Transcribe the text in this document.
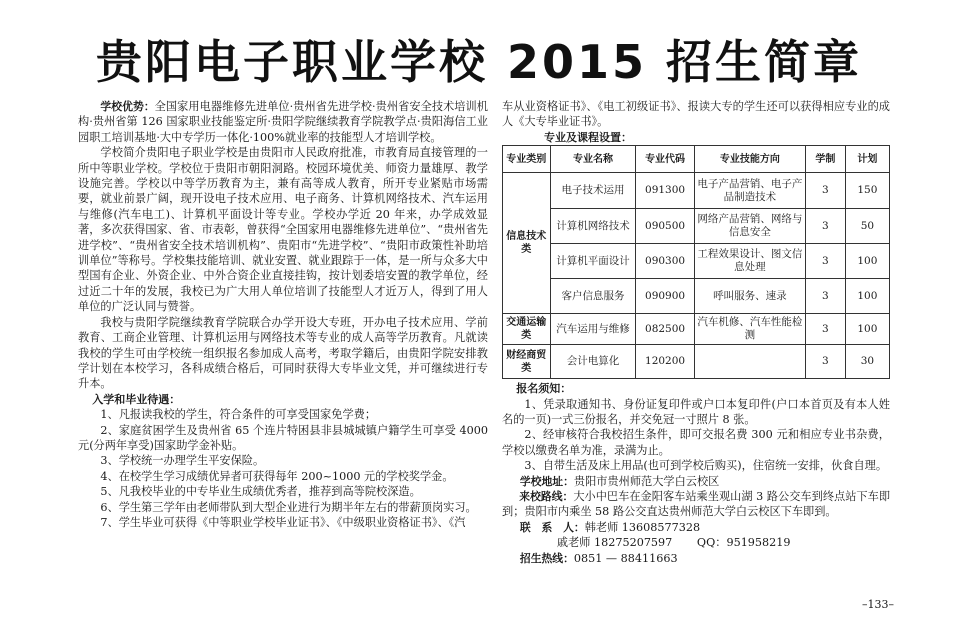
贵阳电子职业学校 2015 招生简章

学校优势：全国家用电器维修先进单位·贵州省先进学校·贵州省安全技术培训机构·贵州省第 126 国家职业技能鉴定所·贵阳学院继续教育学院教学点·贵阳海信工业园职工培训基地·大中专学历一体化·100%就业率的技能型人才培训学校。

学校简介贵阳电子职业学校是由贵阳市人民政府批准，市教育局直接管理的一所中等职业学校。学校位于贵阳市朝阳洞路。校园环境优美、师资力量雄厚、教学设施完善。学校以中等学历教育为主，兼有高等成人教育，所开专业紧贴市场需要，就业前景广阔，现开设电子技术应用、电子商务、计算机网络技术、汽车运用与维修(汽车电工)、计算机平面设计等专业。学校办学近 20 年来，办学成效显著，多次获得国家、省、市表彰，曾获得“全国家用电器维修先进单位”、“贵州省先进学校”、“贵州省安全技术培训机构”、贵阳市“先进学校”、“贵阳市政策性补助培训单位”等称号。学校集技能培训、就业安置、就业跟踪于一体，是一所与众多大中型国有企业、外资企业、中外合资企业直接挂钩，按计划委培安置的教学单位，经过近二十年的发展，我校已为广大用人单位培训了技能型人才近万人，得到了用人单位的广泛认同与赞誉。

我校与贵阳学院继续教育学院联合办学开设大专班，开办电子技术应用、学前教育、工商企业管理、计算机运用与网络技术等专业的成人高等学历教育。凡就读我校的学生可由学校统一组织报名参加成人高考，考取学籍后，由贵阳学院安排教学计划在本校学习，各科成绩合格后，可同时获得大专毕业文凭，并可继续进行专升本。

入学和毕业待遇：

1、凡报读我校的学生，符合条件的可享受国家免学费；

2、家庭贫困学生及贵州省 65 个连片特困县非县城城镇户籍学生可享受 4000 元(分两年享受)国家助学金补贴。

3、学校统一办理学生平安保险。

4、在校学生学习成绩优异者可获得每年 200~1000 元的学校奖学金。

5、凡我校毕业的中专毕业生成绩优秀者，推荐到高等院校深造。

6、学生第三学年由老师带队到大型企业进行为期半年左右的带薪顶岗实习。

7、学生毕业可获得《中等职业学校毕业证书》、《中级职业资格证书》、《汽

车从业资格证书》、《电工初级证书》、报读大专的学生还可以获得相应专业的成人《大专毕业证书》。

专业及课程设置：

专业类别	专业名称	专业代码	专业技能方向	学制	计划
信息技术类	电子技术运用	091300	电子产品营销、电子产品制造技术	3	150
	计算机网络技术	090500	网络产品营销、网络与信息安全	3	50
	计算机平面设计	090300	工程效果设计、图文信息处理	3	100
	客户信息服务	090900	呼叫服务、速录	3	100
交通运输类	汽车运用与维修	082500	汽车机修、汽车性能检测	3	100
财经商贸类	会计电算化	120200		3	30

报名须知：

1、凭录取通知书、身份证复印件或户口本复印件(户口本首页及有本人姓名的一页)一式三份报名，并交免冠一寸照片 8 张。

2、经审核符合我校招生条件，即可交报名费 300 元和相应专业书杂费，学校以缴费名单为准，录满为止。

3、自带生活及床上用品(也可到学校后购买)，住宿统一安排，伙食自理。

学校地址：贵阳市贵州师范大学白云校区

来校路线：大小中巴车在金阳客车站乘坐观山湖 3 路公交车到终点站下车即到；贵阳市内乘坐 58 路公交直达贵州师范大学白云校区下车即到。

联　系　人：韩老师 13608577328

戚老师 18275207597 QQ：951958219

招生热线：0851 — 88411663

–133–
